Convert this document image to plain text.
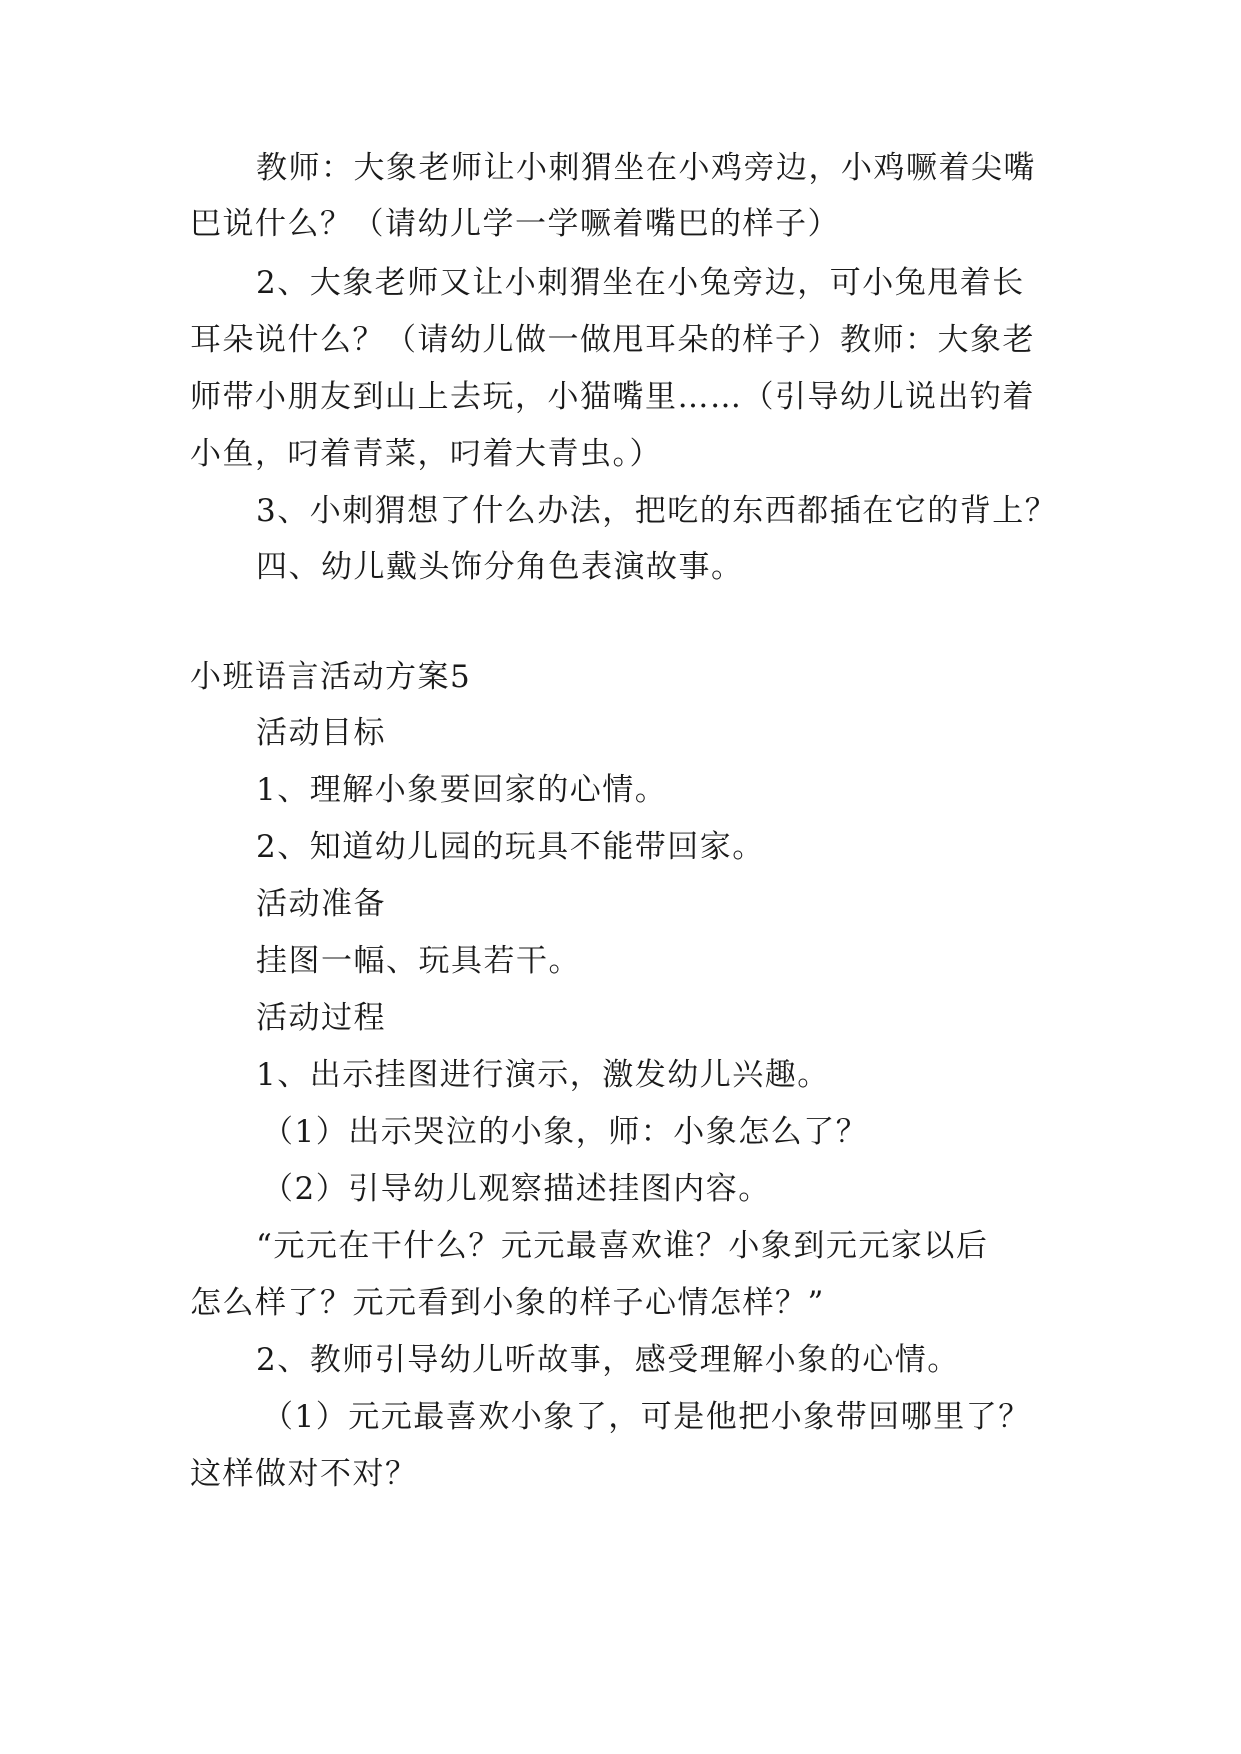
教师：大象老师让小刺猬坐在小鸡旁边，小鸡噘着尖嘴
巴说什么？（请幼儿学一学噘着嘴巴的样子）
2、大象老师又让小刺猬坐在小兔旁边，可小兔甩着长
耳朵说什么？（请幼儿做一做甩耳朵的样子）教师：大象老
师带小朋友到山上去玩，小猫嘴里……（引导幼儿说出钓着
小鱼，叼着青菜，叼着大青虫。）
3、小刺猬想了什么办法，把吃的东西都插在它的背上？
四、幼儿戴头饰分角色表演故事。
小班语言活动方案5
活动目标
1、理解小象要回家的心情。
2、知道幼儿园的玩具不能带回家。
活动准备
挂图一幅、玩具若干。
活动过程
1、出示挂图进行演示，激发幼儿兴趣。
（1）出示哭泣的小象，师：小象怎么了？
（2）引导幼儿观察描述挂图内容。
“元元在干什么？元元最喜欢谁？小象到元元家以后
怎么样了？元元看到小象的样子心情怎样？”
2、教师引导幼儿听故事，感受理解小象的心情。
（1）元元最喜欢小象了，可是他把小象带回哪里了？
这样做对不对？
